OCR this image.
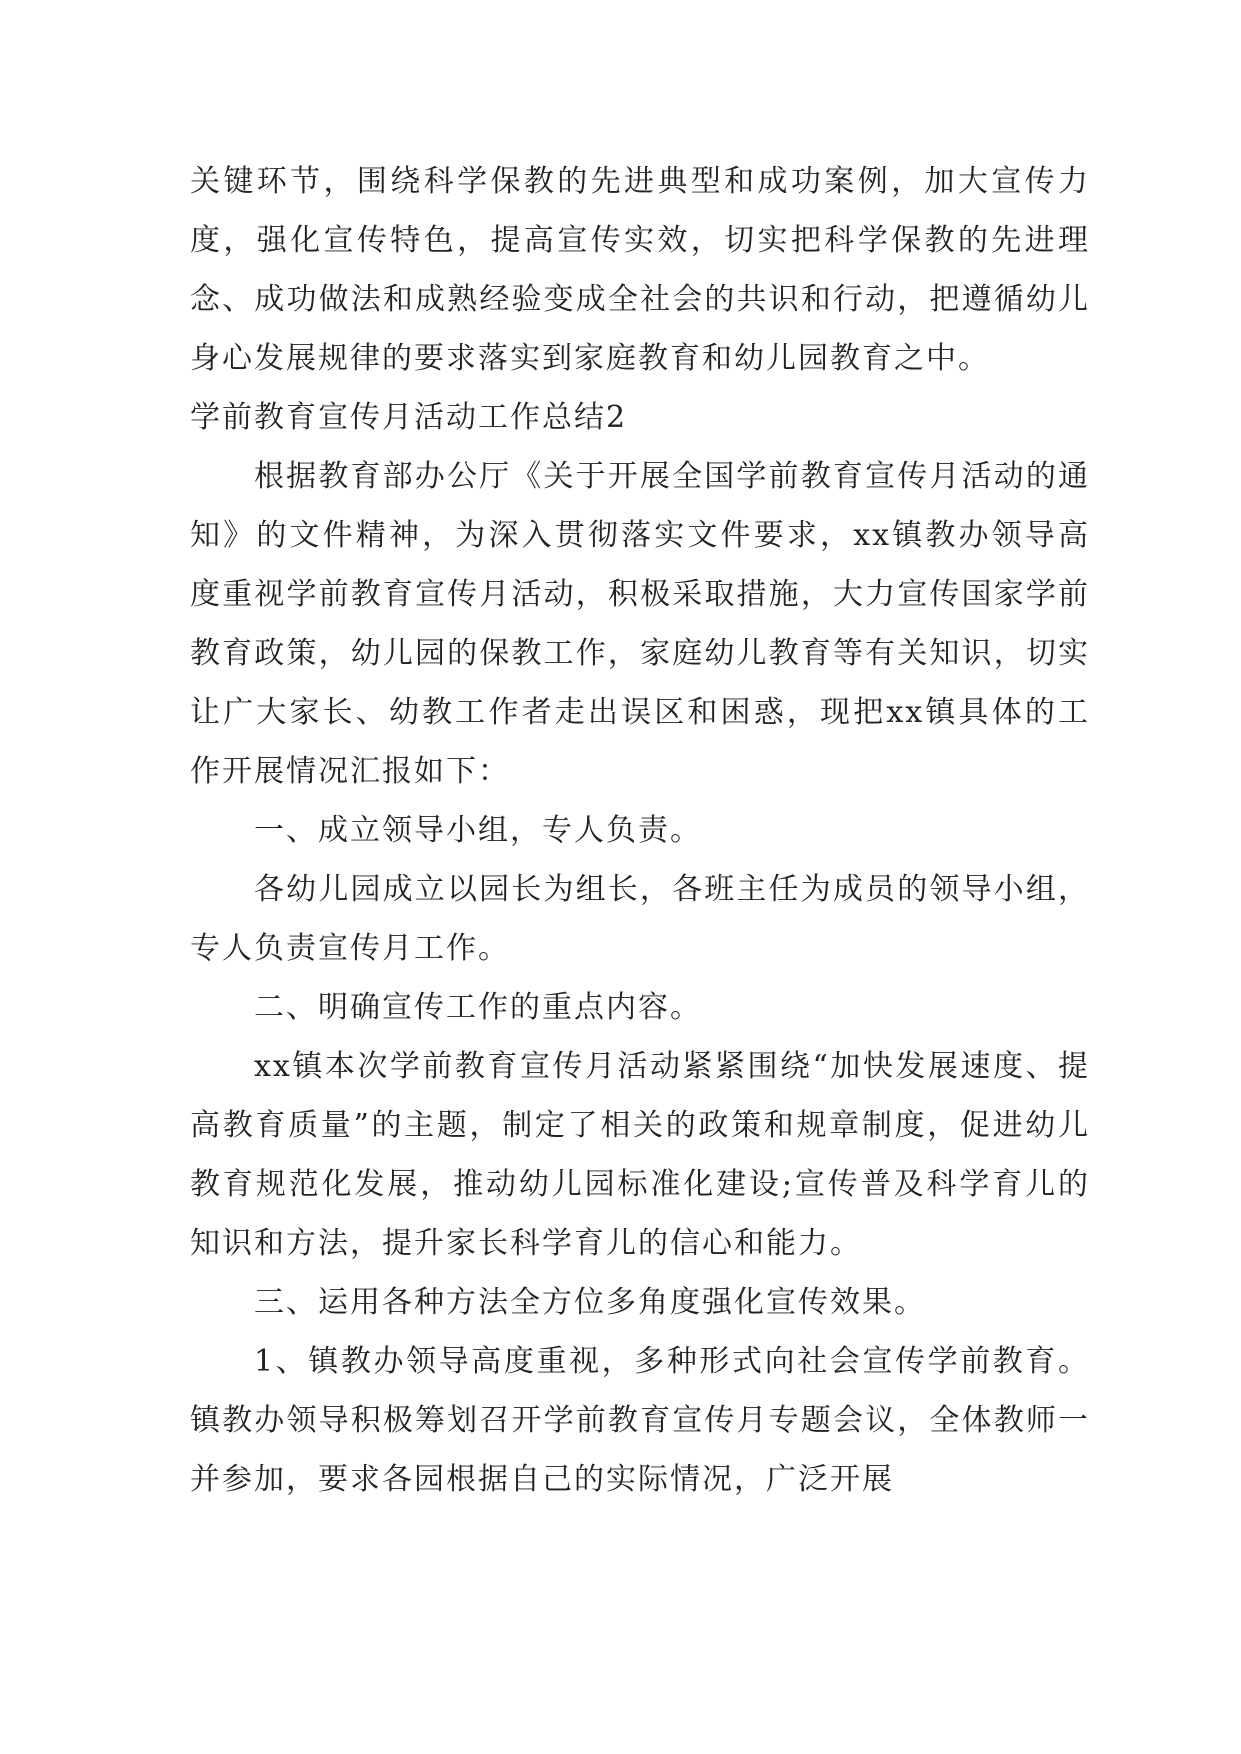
关键环节，围绕科学保教的先进典型和成功案例，加大宣传力度，强化宣传特色，提高宣传实效，切实把科学保教的先进理念、成功做法和成熟经验变成全社会的共识和行动，把遵循幼儿身心发展规律的要求落实到家庭教育和幼儿园教育之中。

学前教育宣传月活动工作总结2

根据教育部办公厅《关于开展全国学前教育宣传月活动的通知》的文件精神，为深入贯彻落实文件要求，xx镇教办领导高度重视学前教育宣传月活动，积极采取措施，大力宣传国家学前教育政策，幼儿园的保教工作，家庭幼儿教育等有关知识，切实让广大家长、幼教工作者走出误区和困惑，现把xx镇具体的工作开展情况汇报如下：

一、成立领导小组，专人负责。

各幼儿园成立以园长为组长，各班主任为成员的领导小组，专人负责宣传月工作。

二、明确宣传工作的重点内容。

xx镇本次学前教育宣传月活动紧紧围绕“加快发展速度、提高教育质量”的主题，制定了相关的政策和规章制度，促进幼儿教育规范化发展，推动幼儿园标准化建设;宣传普及科学育儿的知识和方法，提升家长科学育儿的信心和能力。

三、运用各种方法全方位多角度强化宣传效果。

1、镇教办领导高度重视，多种形式向社会宣传学前教育。镇教办领导积极筹划召开学前教育宣传月专题会议，全体教师一并参加，要求各园根据自己的实际情况，广泛开展
